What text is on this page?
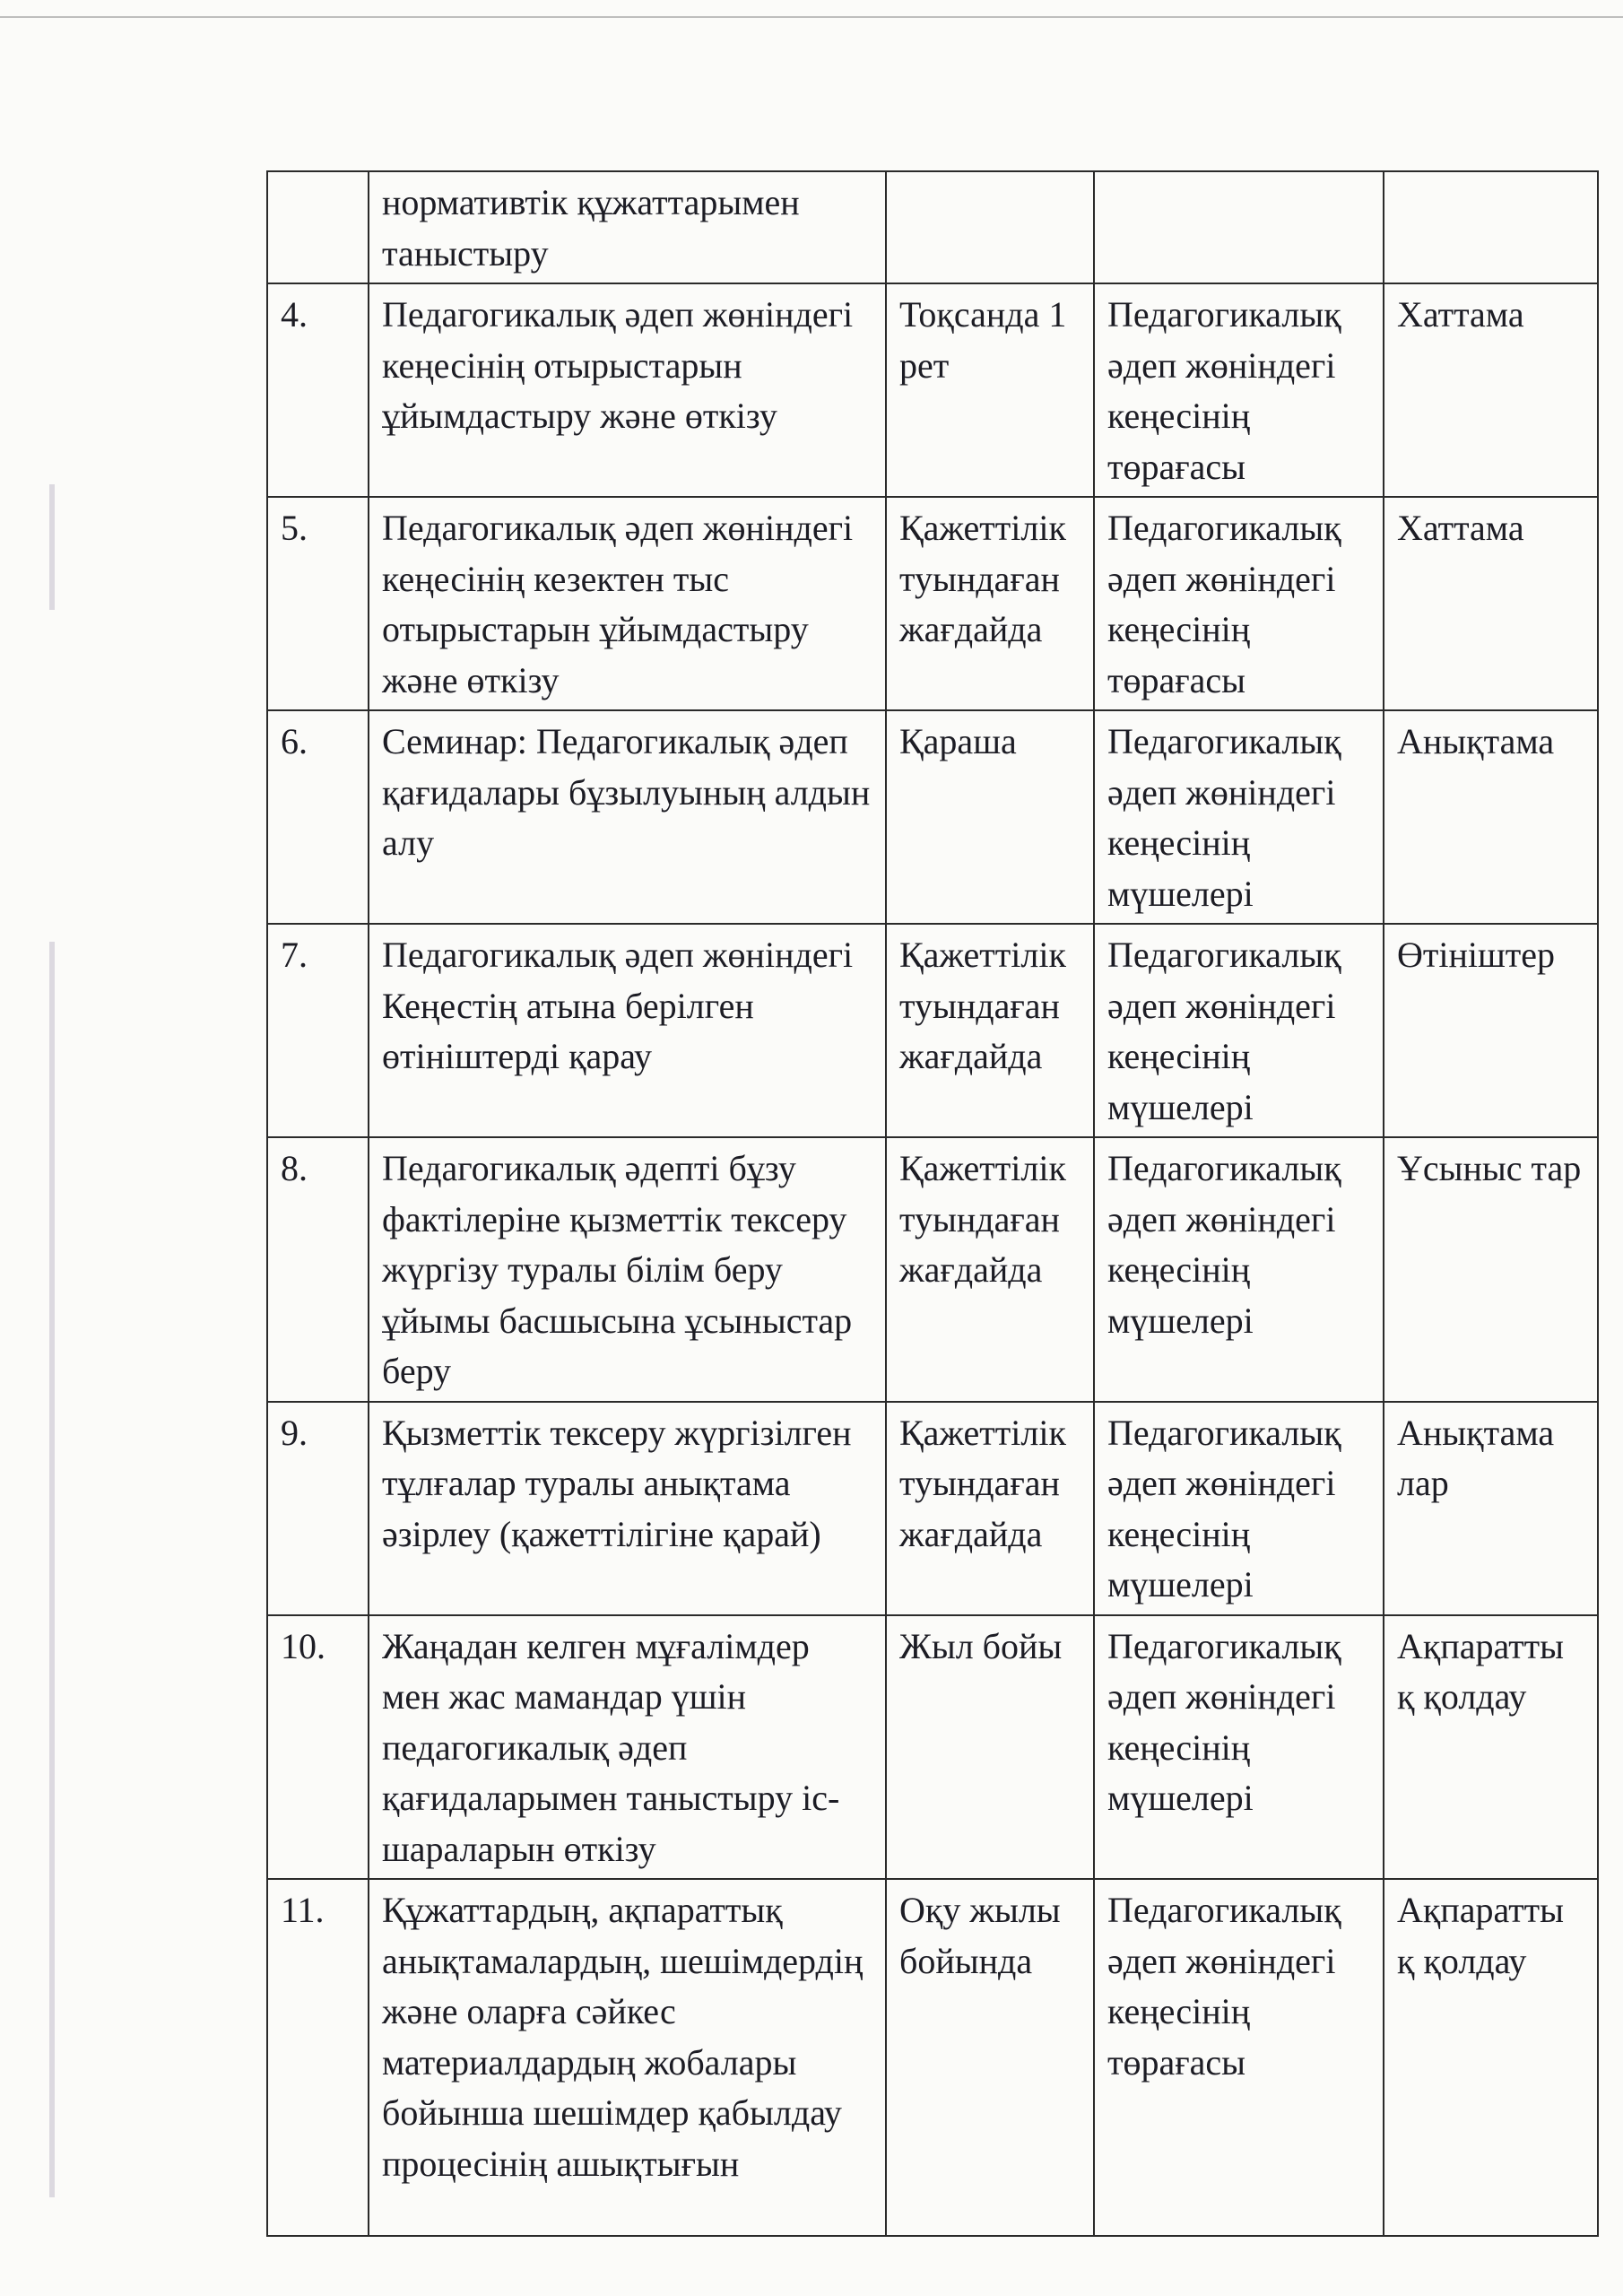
	нормативтік құжаттарымен таныстыру			
4.	Педагогикалық әдеп жөніндегі кеңесінің отырыстарын ұйымдастыру және өткізу	Тоқсанда 1 рет	Педагогикалық әдеп жөніндегі кеңесінің төрағасы	Хаттама
5.	Педагогикалық әдеп жөніндегі кеңесінің кезектен тыс отырыстарын ұйымдастыру және өткізу	Қажеттілік туындаған жағдайда	Педагогикалық әдеп жөніндегі кеңесінің төрағасы	Хаттама
6.	Семинар: Педагогикалық әдеп қағидалары бұзылуының алдын алу	Қараша	Педагогикалық әдеп жөніндегі кеңесінің мүшелері	Анықтама
7.	Педагогикалық әдеп жөніндегі Кеңестің атына берілген өтініштерді қарау	Қажеттілік туындаған жағдайда	Педагогикалық әдеп жөніндегі кеңесінің мүшелері	Өтініштер
8.	Педагогикалық әдепті бұзу фактілеріне қызметтік тексеру жүргізу туралы білім беру ұйымы басшысына ұсыныстар беру	Қажеттілік туындаған жағдайда	Педагогикалық әдеп жөніндегі кеңесінің мүшелері	Ұсыныс тар
9.	Қызметтік тексеру жүргізілген тұлғалар туралы анықтама әзірлеу (қажеттілігіне қарай)	Қажеттілік туындаған жағдайда	Педагогикалық әдеп жөніндегі кеңесінің мүшелері	Анықтама лар
10.	Жаңадан келген мұғалімдер мен жас мамандар үшін педагогикалық әдеп қағидаларымен таныстыру іс-шараларын өткізу	Жыл бойы	Педагогикалық әдеп жөніндегі кеңесінің мүшелері	Ақпаратты қ қолдау
11.	Құжаттардың, ақпараттық анықтамалардың, шешімдердің және оларға сәйкес материалдардың жобалары бойынша шешімдер қабылдау процесінің ашықтығын	Оқу жылы бойында	Педагогикалық әдеп жөніндегі кеңесінің төрағасы	Ақпаратты қ қолдау
